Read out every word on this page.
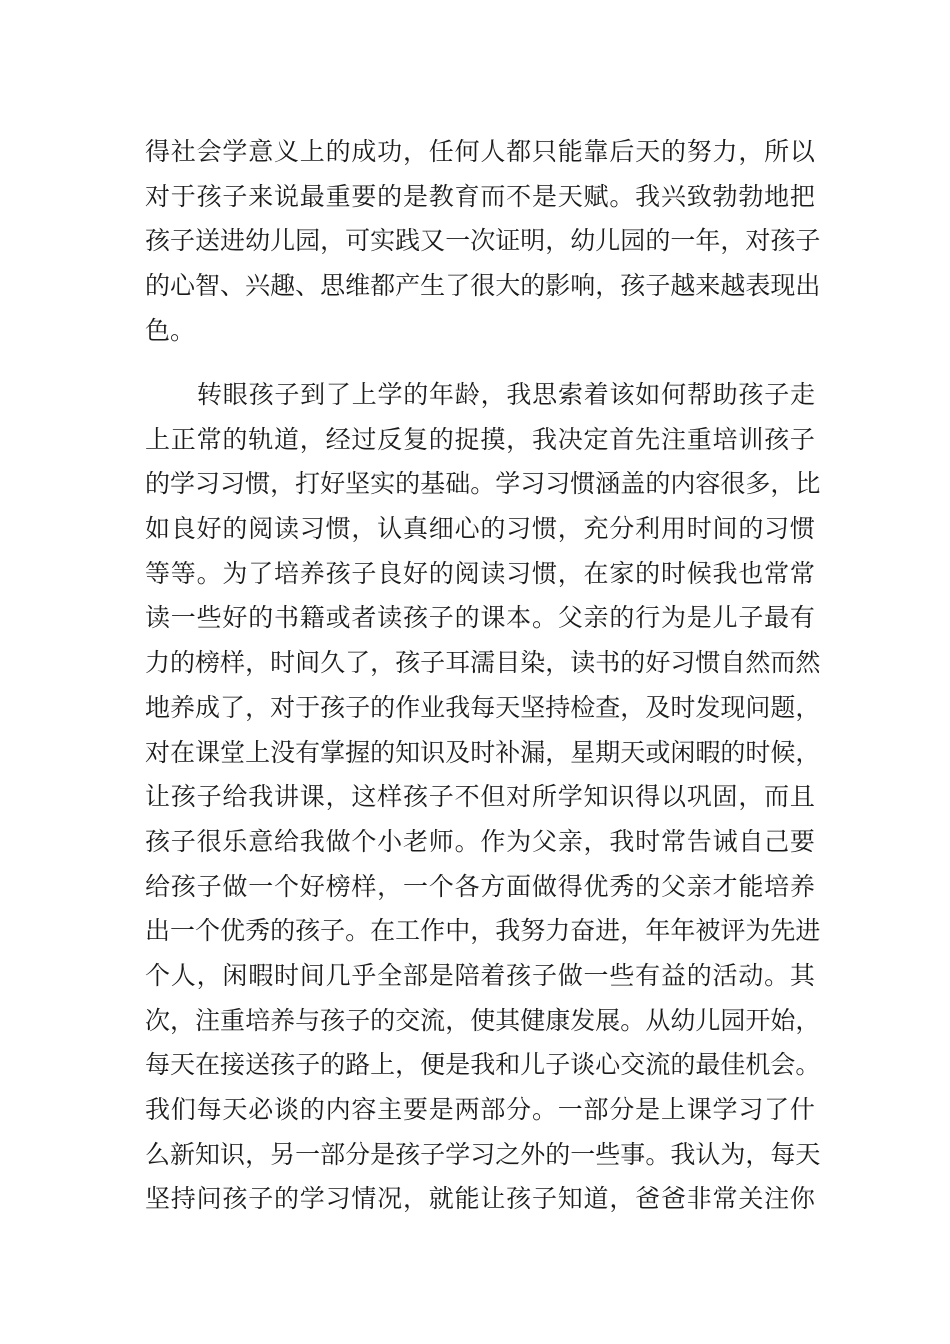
得 社 会 学 意 义 上 的 成 功 ， 任 何 人 都 只 能 靠 后 天 的 努 力 ， 所 以
对 于 孩 子 来 说 最 重 要 的 是 教 育 而 不 是 天 赋 。 我 兴 致 勃 勃 地 把
孩 子 送 进 幼 儿 园 ， 可 实 践 又 一 次 证 明 ， 幼 儿 园 的 一 年 ， 对 孩 子
的 心 智 、 兴 趣 、 思 维 都 产 生 了 很 大 的 影 响 ， 孩 子 越 来 越 表 现 出
色。
转 眼 孩 子 到 了 上 学 的 年 龄 ， 我 思 索 着 该 如 何 帮 助 孩 子 走
上 正 常 的 轨 道 ， 经 过 反 复 的 捉 摸 ， 我 决 定 首 先 注 重 培 训 孩 子
的 学 习 习 惯 ， 打 好 坚 实 的 基 础 。 学 习 习 惯 涵 盖 的 内 容 很 多 ， 比
如 良 好 的 阅 读 习 惯 ， 认 真 细 心 的 习 惯 ， 充 分 利 用 时 间 的 习 惯
等 等 。 为 了 培 养 孩 子 良 好 的 阅 读 习 惯 ， 在 家 的 时 候 我 也 常 常
读 一 些 好 的 书 籍 或 者 读 孩 子 的 课 本 。 父 亲 的 行 为 是 儿 子 最 有
力 的 榜 样 ， 时 间 久 了 ， 孩 子 耳 濡 目 染 ， 读 书 的 好 习 惯 自 然 而 然
地 养 成 了 ， 对 于 孩 子 的 作 业 我 每 天 坚 持 检 查 ， 及 时 发 现 问 题 ，
对 在 课 堂 上 没 有 掌 握 的 知 识 及 时 补 漏 ， 星 期 天 或 闲 暇 的 时 候 ，
让 孩 子 给 我 讲 课 ， 这 样 孩 子 不 但 对 所 学 知 识 得 以 巩 固 ， 而 且
孩 子 很 乐 意 给 我 做 个 小 老 师 。 作 为 父 亲 ， 我 时 常 告 诫 自 己 要
给 孩 子 做 一 个 好 榜 样 ， 一 个 各 方 面 做 得 优 秀 的 父 亲 才 能 培 养
出 一 个 优 秀 的 孩 子 。 在 工 作 中 ， 我 努 力 奋 进 ， 年 年 被 评 为 先 进
个 人 ， 闲 暇 时 间 几 乎 全 部 是 陪 着 孩 子 做 一 些 有 益 的 活 动 。 其
次 ， 注 重 培 养 与 孩 子 的 交 流 ， 使 其 健 康 发 展 。 从 幼 儿 园 开 始 ，
每 天 在 接 送 孩 子 的 路 上 ， 便 是 我 和 儿 子 谈 心 交 流 的 最 佳 机 会 。
我 们 每 天 必 谈 的 内 容 主 要 是 两 部 分 。 一 部 分 是 上 课 学 习 了 什
么 新 知 识 ， 另 一 部 分 是 孩 子 学 习 之 外 的 一 些 事 。 我 认 为 ， 每 天
坚 持 问 孩 子 的 学 习 情 况 ， 就 能 让 孩 子 知 道 ， 爸 爸 非 常 关 注 你
